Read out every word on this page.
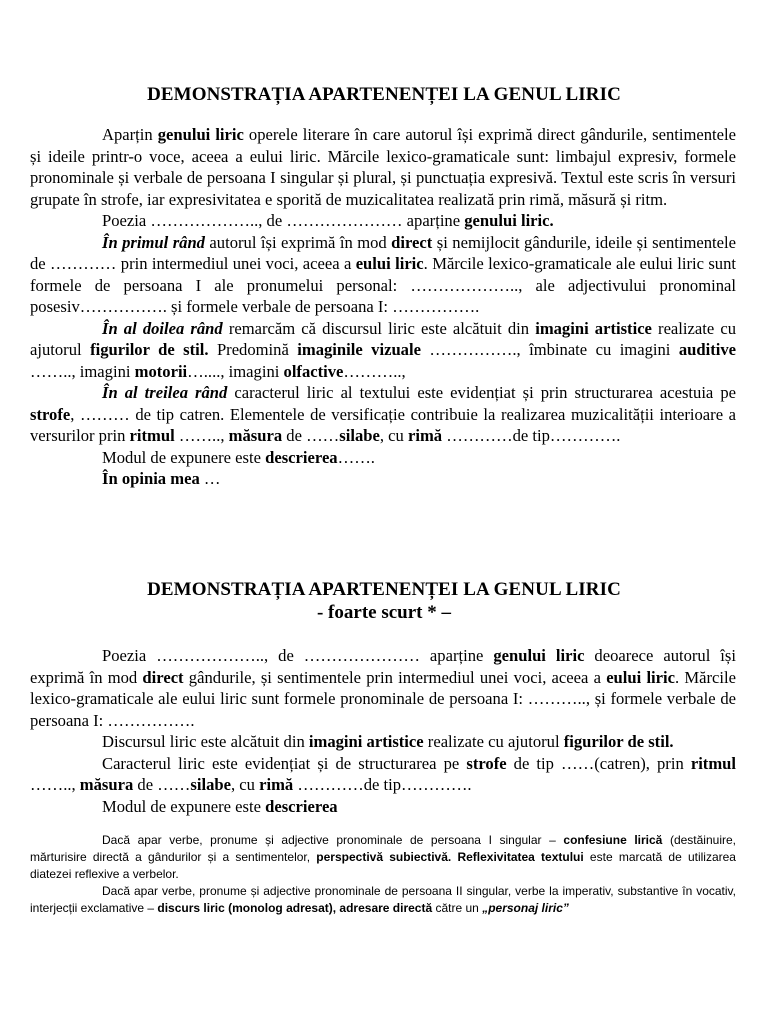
DEMONSTRAȚIA APARTENENȚEI LA GENUL LIRIC

Aparțin genului liric operele literare în care autorul își exprimă direct gândurile, sentimentele și ideile printr-o voce, aceea a eului liric. Mărcile lexico-gramaticale sunt: limbajul expresiv, formele pronominale și verbale de persoana I singular și plural, și punctuația expresivă. Textul este scris în versuri grupate în strofe, iar expresivitatea e sporită de muzicalitatea realizată prin rimă, măsură și ritm.

Poezia ……………….., de ………………… aparține genului liric.

În primul rând autorul își exprimă în mod direct și nemijlocit gândurile, ideile și sentimentele de ………… prin intermediul unei voci, aceea a eului liric. Mărcile lexico-gramaticale ale eului liric sunt formele de persoana I ale pronumelui personal: ……………….., ale adjectivului pronominal posesiv……………. și formele verbale de persoana I: …………….

În al doilea rând remarcăm că discursul liric este alcătuit din imagini artistice realizate cu ajutorul figurilor de stil. Predomină imaginile vizuale ……………., îmbinate cu imagini auditive …….., imagini motorii…...., imagini olfactive………..,

În al treilea rând caracterul liric al textului este evidențiat și prin structurarea acestuia pe strofe, ……… de tip catren. Elementele de versificație contribuie la realizarea muzicalității interioare a versurilor prin ritmul …….., măsura de ……silabe, cu rimă …………de tip………….

Modul de expunere este descrierea…….

În opinia mea …

DEMONSTRAȚIA APARTENENȚEI LA GENUL LIRIC
- foarte scurt * –

Poezia ……………….., de ………………… aparține genului liric deoarece autorul își exprimă în mod direct gândurile, și sentimentele prin intermediul unei voci, aceea a eului liric. Mărcile lexico-gramaticale ale eului liric sunt formele pronominale de persoana I: ……….., și formele verbale de persoana I: …………….

Discursul liric este alcătuit din imagini artistice realizate cu ajutorul figurilor de stil.

Caracterul liric este evidențiat și de structurarea pe strofe de tip ……(catren), prin ritmul …….., măsura de ……silabe, cu rimă …………de tip………….

Modul de expunere este descrierea

Dacă apar verbe, pronume și adjective pronominale de persoana I singular – confesiune lirică (destăinuire, mărturisire directă a gândurilor și a sentimentelor, perspectivă subiectivă. Reflexivitatea textului este marcată de utilizarea diatezei reflexive a verbelor.

Dacă apar verbe, pronume și adjective pronominale de persoana II singular, verbe la imperativ, substantive în vocativ, interjecții exclamative – discurs liric (monolog adresat), adresare directă către un „personaj liric”
